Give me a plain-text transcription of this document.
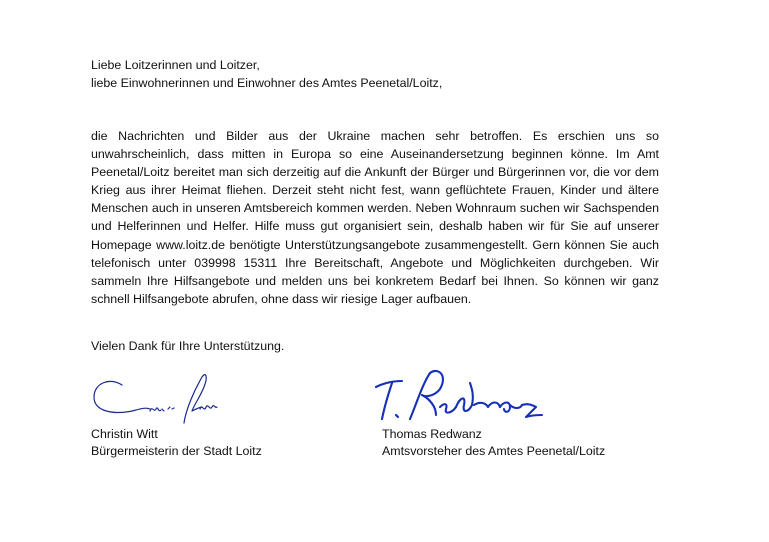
Liebe Loitzerinnen und Loitzer,
liebe Einwohnerinnen und Einwohner des Amtes Peenetal/Loitz,

die Nachrichten und Bilder aus der Ukraine machen sehr betroffen. Es erschien uns so unwahrscheinlich, dass mitten in Europa so eine Auseinandersetzung beginnen könne. Im Amt Peenetal/Loitz bereitet man sich derzeitig auf die Ankunft der Bürger und Bürgerinnen vor, die vor dem Krieg aus ihrer Heimat fliehen. Derzeit steht nicht fest, wann geflüchtete Frauen, Kinder und ältere Menschen auch in unseren Amtsbereich kommen werden. Neben Wohnraum suchen wir Sachspenden und Helferinnen und Helfer. Hilfe muss gut organisiert sein, deshalb haben wir für Sie auf unserer Homepage www.loitz.de benötigte Unterstützungsangebote zusammengestellt. Gern können Sie auch telefonisch unter 039998 15311 Ihre Bereitschaft, Angebote und Möglichkeiten durchgeben. Wir sammeln Ihre Hilfsangebote und melden uns bei konkretem Bedarf bei Ihnen. So können wir ganz schnell Hilfsangebote abrufen, ohne dass wir riesige Lager aufbauen.

Vielen Dank für Ihre Unterstützung.
Christin Witt
Bürgermeisterin der Stadt Loitz
Thomas Redwanz
Amtsvorsteher des Amtes Peenetal/Loitz
